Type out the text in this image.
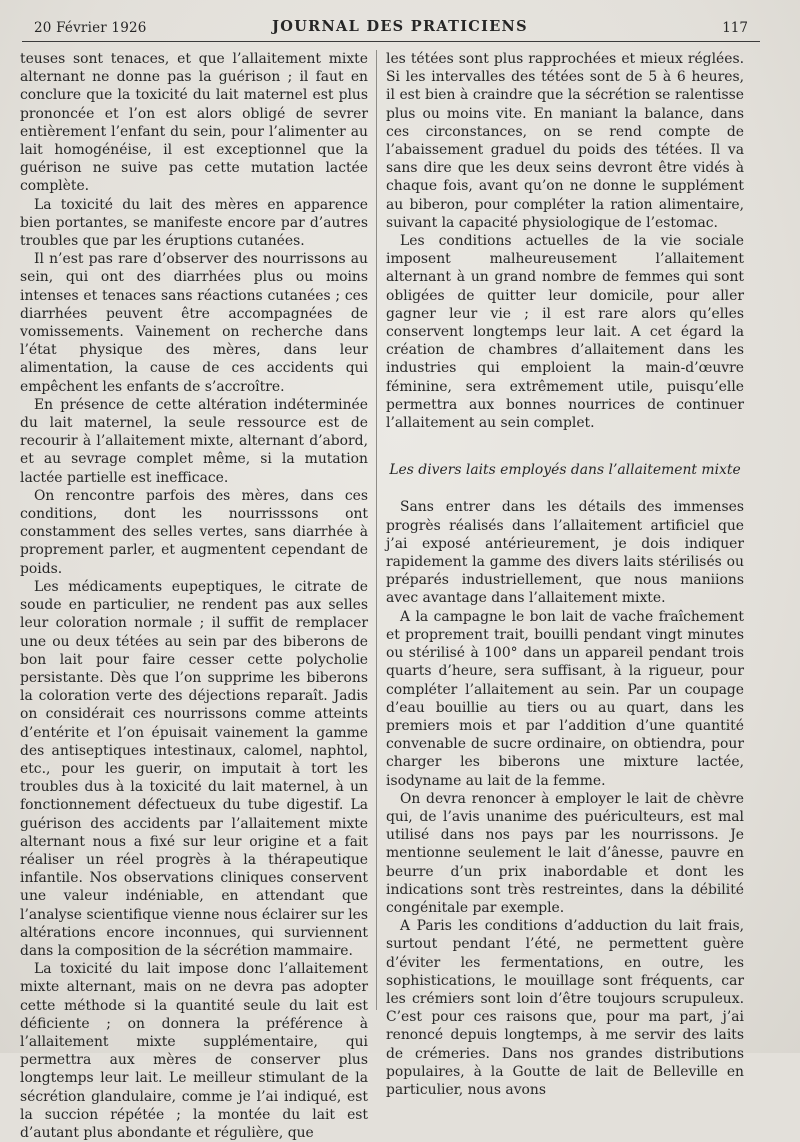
20 Février 1926	JOURNAL DES PRATICIENS	117

teuses sont tenaces, et que l’allaitement mixte alternant ne donne pas la guérison ; il faut en conclure que la toxicité du lait maternel est plus prononcée et l’on est alors obligé de sevrer entièrement l’enfant du sein, pour l’alimenter au lait homogénéise, il est exceptionnel que la guérison ne suive pas cette mutation lactée complète.

La toxicité du lait des mères en apparence bien portantes, se manifeste encore par d’autres troubles que par les éruptions cutanées.

Il n’est pas rare d’observer des nourrissons au sein, qui ont des diarrhées plus ou moins intenses et tenaces sans réactions cutanées ; ces diarrhées peuvent être accompagnées de vomissements. Vainement on recherche dans l’état physique des mères, dans leur alimentation, la cause de ces accidents qui empêchent les enfants de s’accroître.

En présence de cette altération indéterminée du lait maternel, la seule ressource est de recourir à l’allaitement mixte, alternant d’abord, et au sevrage complet même, si la mutation lactée partielle est inefficace.

On rencontre parfois des mères, dans ces conditions, dont les nourrisssons ont constamment des selles vertes, sans diarrhée à proprement parler, et augmentent cependant de poids.

Les médicaments eupeptiques, le citrate de soude en particulier, ne rendent pas aux selles leur coloration normale ; il suffit de remplacer une ou deux tétées au sein par des biberons de bon lait pour faire cesser cette polycholie persistante. Dès que l’on supprime les biberons la coloration verte des déjections reparaît. Jadis on considérait ces nourrissons comme atteints d’entérite et l’on épuisait vainement la gamme des antiseptiques intestinaux, calomel, naphtol, etc., pour les guerir, on imputait à tort les troubles dus à la toxicité du lait maternel, à un fonctionnement défectueux du tube digestif. La guérison des accidents par l’allaitement mixte alternant nous a fixé sur leur origine et a fait réaliser un réel progrès à la thérapeutique infantile. Nos observations cliniques conservent une valeur indéniable, en attendant que l’analyse scientifique vienne nous éclairer sur les altérations encore inconnues, qui surviennent dans la composition de la sécrétion mammaire.

La toxicité du lait impose donc l’allaitement mixte alternant, mais on ne devra pas adopter cette méthode si la quantité seule du lait est déficiente ; on donnera la préférence à l’allaitement mixte supplémentaire, qui permettra aux mères de conserver plus longtemps leur lait. Le meilleur stimulant de la sécrétion glandulaire, comme je l’ai indiqué, est la succion répétée ; la montée du lait est d’autant plus abondante et régulière, que

les tétées sont plus rapprochées et mieux réglées. Si les intervalles des tétées sont de 5 à 6 heures, il est bien à craindre que la sécrétion se ralentisse plus ou moins vite. En maniant la balance, dans ces circonstances, on se rend compte de l’abaissement graduel du poids des tétées. Il va sans dire que les deux seins devront être vidés à chaque fois, avant qu’on ne donne le supplément au biberon, pour compléter la ration alimentaire, suivant la capacité physiologique de l’estomac.

Les conditions actuelles de la vie sociale imposent malheureusement l’allaitement alternant à un grand nombre de femmes qui sont obligées de quitter leur domicile, pour aller gagner leur vie ; il est rare alors qu’elles conservent longtemps leur lait. A cet égard la création de chambres d’allaitement dans les industries qui emploient la main-d’œuvre féminine, sera extrêmement utile, puisqu’elle permettra aux bonnes nourrices de continuer l’allaitement au sein complet.

Les divers laits employés dans l’allaitement mixte

Sans entrer dans les détails des immenses progrès réalisés dans l’allaitement artificiel que j’ai exposé antérieurement, je dois indiquer rapidement la gamme des divers laits stérilisés ou préparés industriellement, que nous maniions avec avantage dans l’allaitement mixte.

A la campagne le bon lait de vache fraîchement et proprement trait, bouilli pendant vingt minutes ou stérilisé à 100° dans un appareil pendant trois quarts d’heure, sera suffisant, à la rigueur, pour compléter l’allaitement au sein. Par un coupage d’eau bouillie au tiers ou au quart, dans les premiers mois et par l’addition d’une quantité convenable de sucre ordinaire, on obtiendra, pour charger les biberons une mixture lactée, isodyname au lait de la femme.

On devra renoncer à employer le lait de chèvre qui, de l’avis unanime des puériculteurs, est mal utilisé dans nos pays par les nourrissons. Je mentionne seulement le lait d’ânesse, pauvre en beurre d’un prix inabordable et dont les indications sont très restreintes, dans la débilité congénitale par exemple.

A Paris les conditions d’adduction du lait frais, surtout pendant l’été, ne permettent guère d’éviter les fermentations, en outre, les sophistications, le mouillage sont fréquents, car les crémiers sont loin d’être toujours scrupuleux. C’est pour ces raisons que, pour ma part, j’ai renoncé depuis longtemps, à me servir des laits de crémeries. Dans nos grandes distributions populaires, à la Goutte de lait de Belleville en particulier, nous avons
